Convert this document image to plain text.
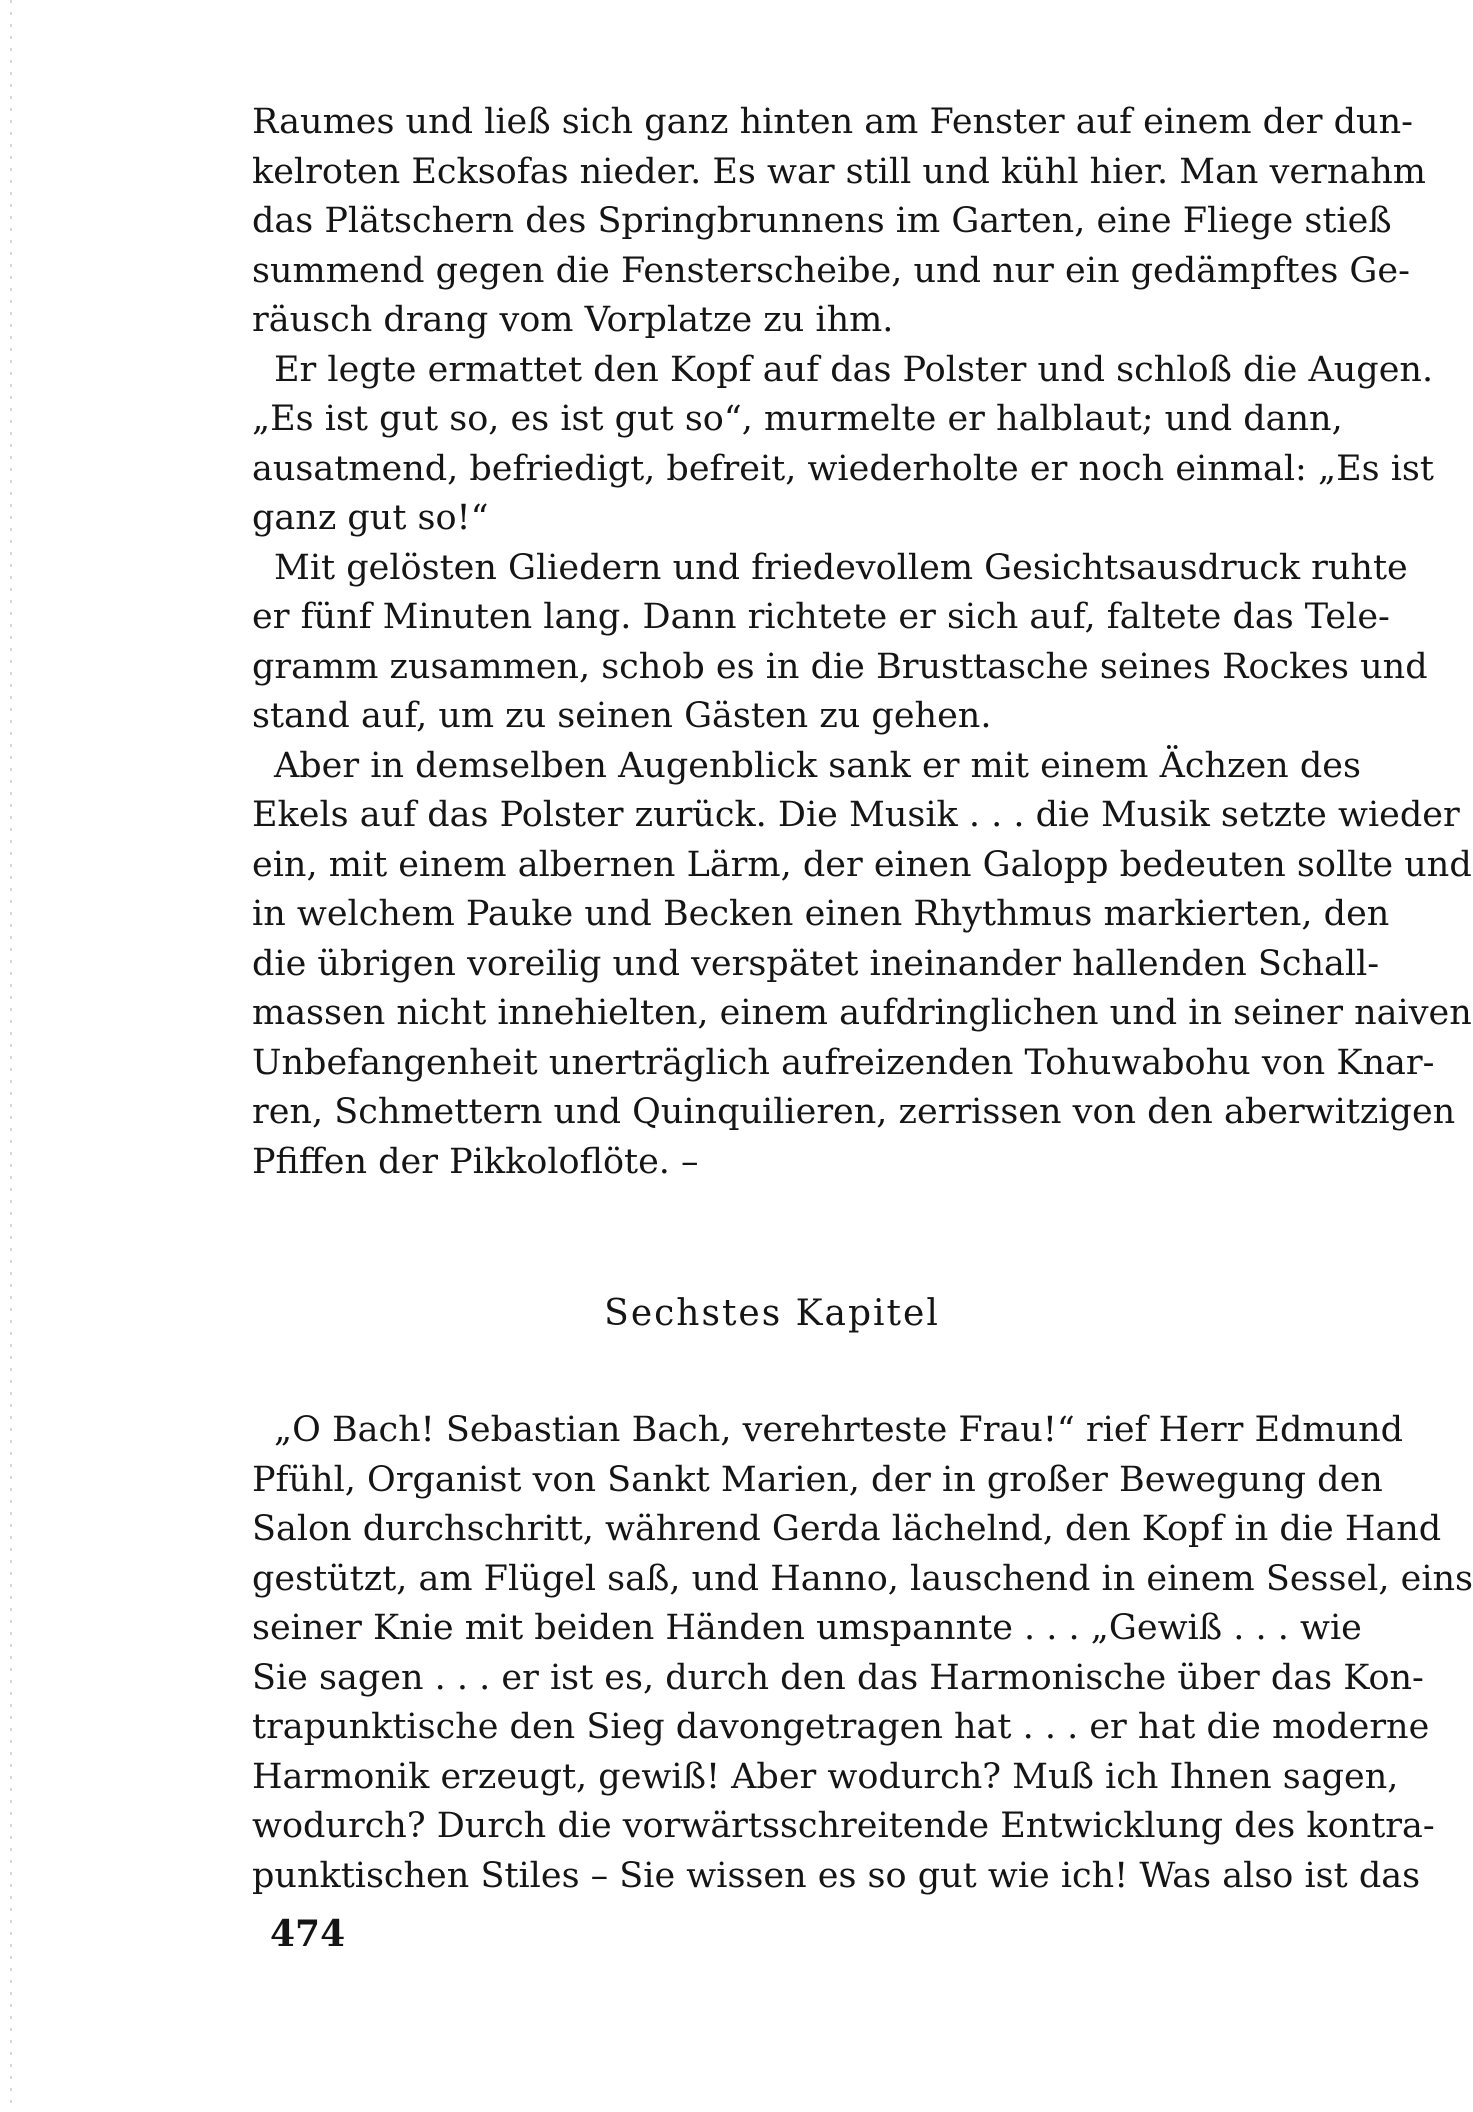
Raumes und ließ sich ganz hinten am Fenster auf einem der dun-
kelroten Ecksofas nieder. Es war still und kühl hier. Man vernahm
das Plätschern des Springbrunnens im Garten, eine Fliege stieß
summend gegen die Fensterscheibe, und nur ein gedämpftes Ge-
räusch drang vom Vorplatze zu ihm.
Er legte ermattet den Kopf auf das Polster und schloß die Augen.
„Es ist gut so, es ist gut so“, murmelte er halblaut; und dann,
ausatmend, befriedigt, befreit, wiederholte er noch einmal: „Es ist
ganz gut so!“
Mit gelösten Gliedern und friedevollem Gesichtsausdruck ruhte
er fünf Minuten lang. Dann richtete er sich auf, faltete das Tele-
gramm zusammen, schob es in die Brusttasche seines Rockes und
stand auf, um zu seinen Gästen zu gehen.
Aber in demselben Augenblick sank er mit einem Ächzen des
Ekels auf das Polster zurück. Die Musik . . . die Musik setzte wieder
ein, mit einem albernen Lärm, der einen Galopp bedeuten sollte und
in welchem Pauke und Becken einen Rhythmus markierten, den
die übrigen voreilig und verspätet ineinander hallenden Schall-
massen nicht innehielten, einem aufdringlichen und in seiner naiven
Unbefangenheit unerträglich aufreizenden Tohuwabohu von Knar-
ren, Schmettern und Quinquilieren, zerrissen von den aberwitzigen
Pfiffen der Pikkoloflöte. –
Sechstes Kapitel
„O Bach! Sebastian Bach, verehrteste Frau!“ rief Herr Edmund
Pfühl, Organist von Sankt Marien, der in großer Bewegung den
Salon durchschritt, während Gerda lächelnd, den Kopf in die Hand
gestützt, am Flügel saß, und Hanno, lauschend in einem Sessel, eins
seiner Knie mit beiden Händen umspannte . . . „Gewiß . . . wie
Sie sagen . . . er ist es, durch den das Harmonische über das Kon-
trapunktische den Sieg davongetragen hat . . . er hat die moderne
Harmonik erzeugt, gewiß! Aber wodurch? Muß ich Ihnen sagen,
wodurch? Durch die vorwärtsschreitende Entwicklung des kontra-
punktischen Stiles – Sie wissen es so gut wie ich! Was also ist das
474
